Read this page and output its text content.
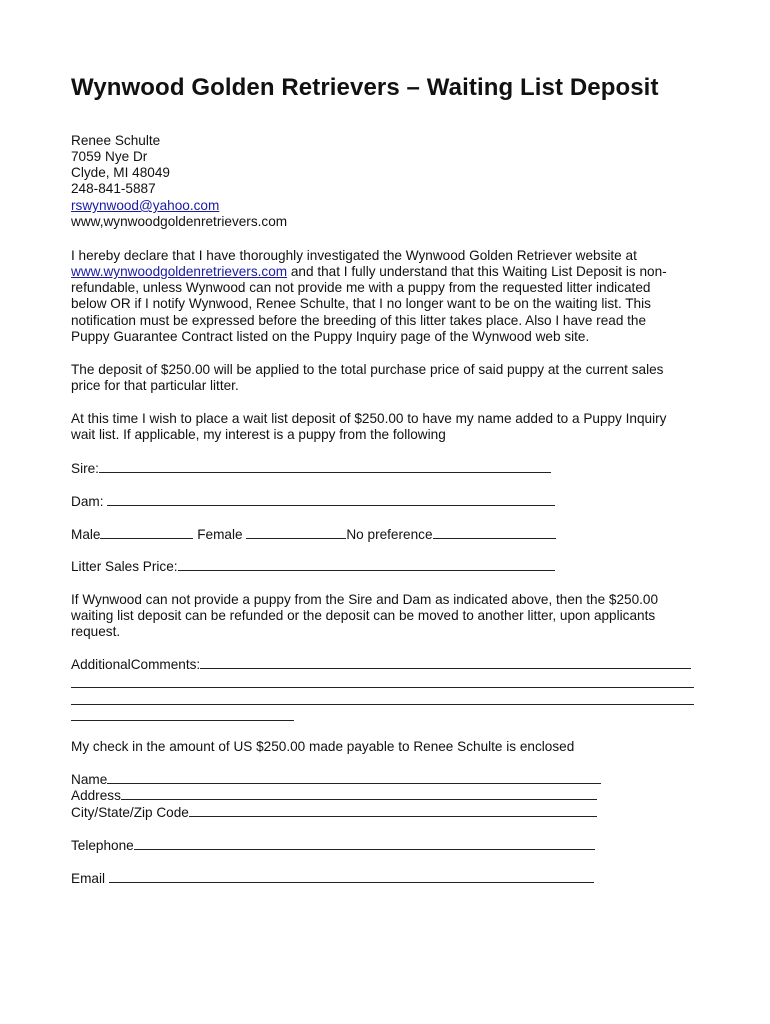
Wynwood Golden Retrievers – Waiting List Deposit
Renee Schulte
7059 Nye Dr
Clyde, MI 48049
248-841-5887
rswynwood@yahoo.com
www,wynwoodgoldenretrievers.com
I hereby declare that I have thoroughly investigated the Wynwood Golden Retriever website at
www.wynwoodgoldenretrievers.com and that I fully understand that this Waiting List Deposit is non-
refundable, unless Wynwood can not provide me with a puppy from the requested litter indicated
below OR if I notify Wynwood, Renee Schulte, that I no longer want to be on the waiting list. This
notification must be expressed before the breeding of this litter takes place. Also I have read the
Puppy Guarantee Contract listed on the Puppy Inquiry page of the Wynwood web site.
The deposit of $250.00 will be applied to the total purchase price of said puppy at the current sales
price for that particular litter.
At this time I wish to place a wait list deposit of $250.00 to have my name added to a Puppy Inquiry
wait list. If applicable, my interest is a puppy from the following
Sire:
Dam:
Male	Female	No preference
Litter Sales Price:
If Wynwood can not provide a puppy from the Sire and Dam as indicated above, then the $250.00
waiting list deposit can be refunded or the deposit can be moved to another litter, upon applicants
request.
AdditionalComments:
My check in the amount of US $250.00 made payable to Renee Schulte is enclosed
Name
Address
City/State/Zip Code
Telephone
Email
